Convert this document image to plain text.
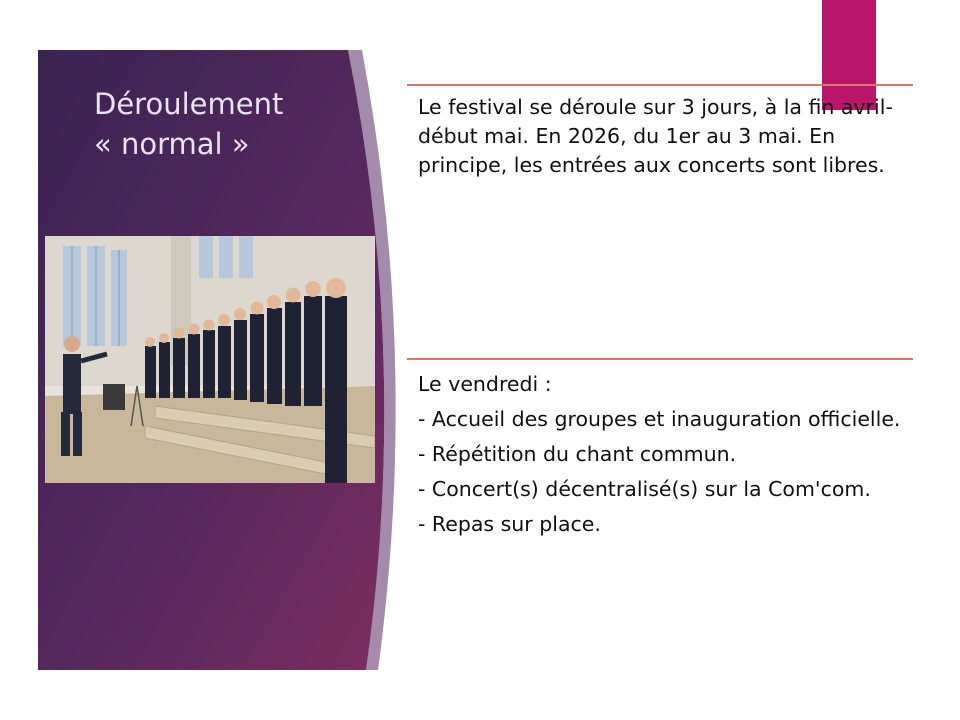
Déroulement
« normal »

Le festival se déroule sur 3 jours, à la fin avril-début mai. En 2026, du 1er au 3 mai. En principe, les entrées aux concerts sont libres.

Le vendredi :

- Accueil des groupes et inauguration officielle.

- Répétition du chant commun.

- Concert(s) décentralisé(s) sur la Com'com.

- Repas sur place.
